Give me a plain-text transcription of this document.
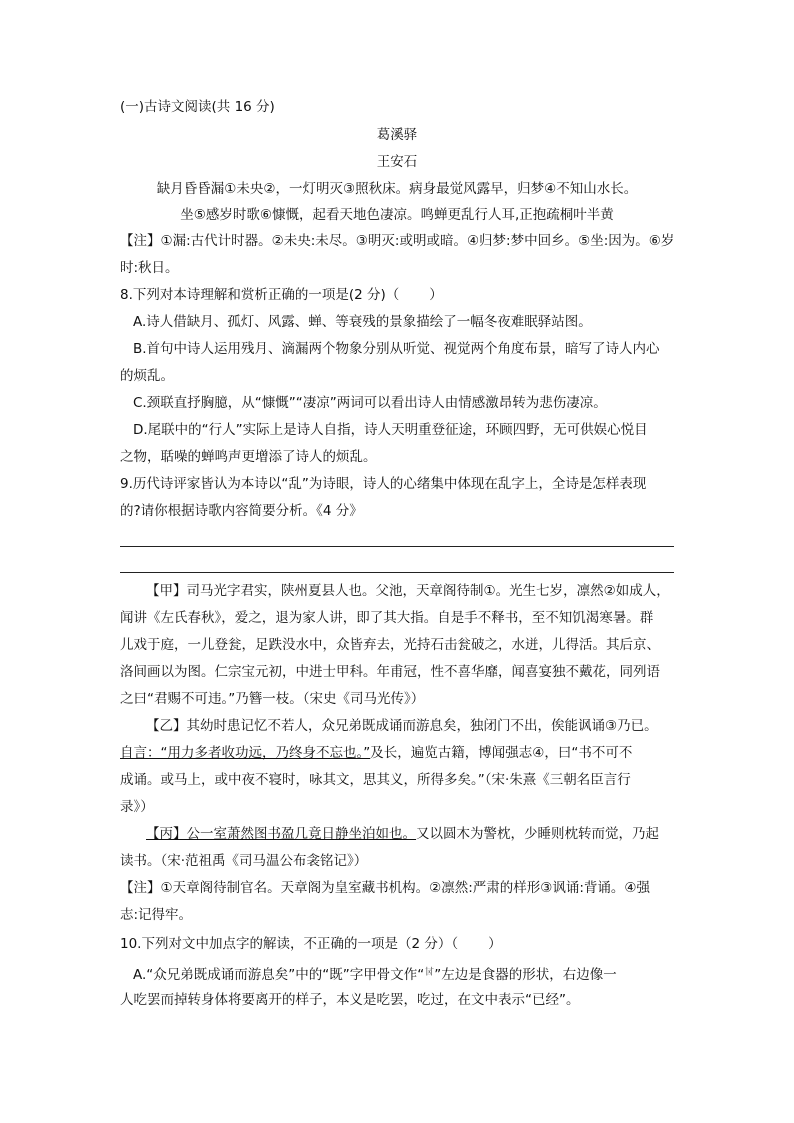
(一)古诗文阅读(共 16 分)
葛溪驿
王安石
缺月昏昏漏①未央②，一灯明灭③照秋床。病身最觉风露早，归梦④不知山水长。
坐⑤感岁时歌⑥慷慨，起看天地色凄凉。鸣蝉更乱行人耳,正抱疏桐叶半黄
【注】①漏:古代计时器。②未央:未尽。③明灭:或明或暗。④归梦:梦中回乡。⑤坐:因为。⑥岁
时:秋日。
8.下列对本诗理解和赏析正确的一项是(2 分)（ ）
A.诗人借缺月、孤灯、风露、蝉、等衰残的景象描绘了一幅冬夜难眠驿站图。
B.首句中诗人运用残月、滴漏两个物象分别从听觉、视觉两个角度布景，暗写了诗人内心
的烦乱。
C.颈联直抒胸臆，从“慷慨”“凄凉”两词可以看出诗人由情感激昂转为悲伤凄凉。
D.尾联中的“行人”实际上是诗人自指，诗人天明重登征途，环顾四野，无可供娱心悦目
之物，聒噪的蝉鸣声更增添了诗人的烦乱。
9.历代诗评家皆认为本诗以“乱”为诗眼，诗人的心绪集中体现在乱字上，全诗是怎样表现
的?请你根据诗歌内容简要分析。《4 分》
【甲】司马光字君实，陕州夏县人也。父池，天章阁待制①。光生七岁，凛然②如成人，
闻讲《左氏春秋》，爱之，退为家人讲，即了其大指。自是手不释书，至不知饥渴寒暑。群
儿戏于庭，一儿登瓮，足跌没水中，众皆弃去，光持石击瓮破之，水迸，儿得活。其后京、
洛间画以为图。仁宗宝元初，中进士甲科。年甫冠，性不喜华靡，闻喜宴独不戴花，同列语
之曰“君赐不可违。”乃簪一枝。（宋史《司马光传》）
【乙】其幼时患记忆不若人，众兄弟既成诵而游息矣，独闭门不出，俟能讽诵③乃已。
自言：“用力多者收功远，乃终身不忘也。”及长，遍览古籍，博闻强志④，曰“书不可不
成诵。或马上，或中夜不寝时，咏其文，思其义，所得多矣。”（宋·朱熹《三朝名臣言行
录》）
【丙】公一室萧然图书盈几竟日静坐泊如也。又以圆木为警枕，少睡则枕转而觉，乃起
读书。（宋·范祖禹《司马温公布衾铭记》）
【注】①天章阁待制官名。天章阁为皇室藏书机构。②凛然:严肃的样形③讽诵:背诵。④强
志:记得牢。
10.下列对文中加点字的解读，不正确的一项是（2 分）（ ）
A.“众兄弟既成诵而游息矣”中的“既”字甲骨文作“𠀠”左边是食器的形状，右边像一
人吃罢而掉转身体将要离开的样子，本义是吃罢，吃过，在文中表示“已经”。
